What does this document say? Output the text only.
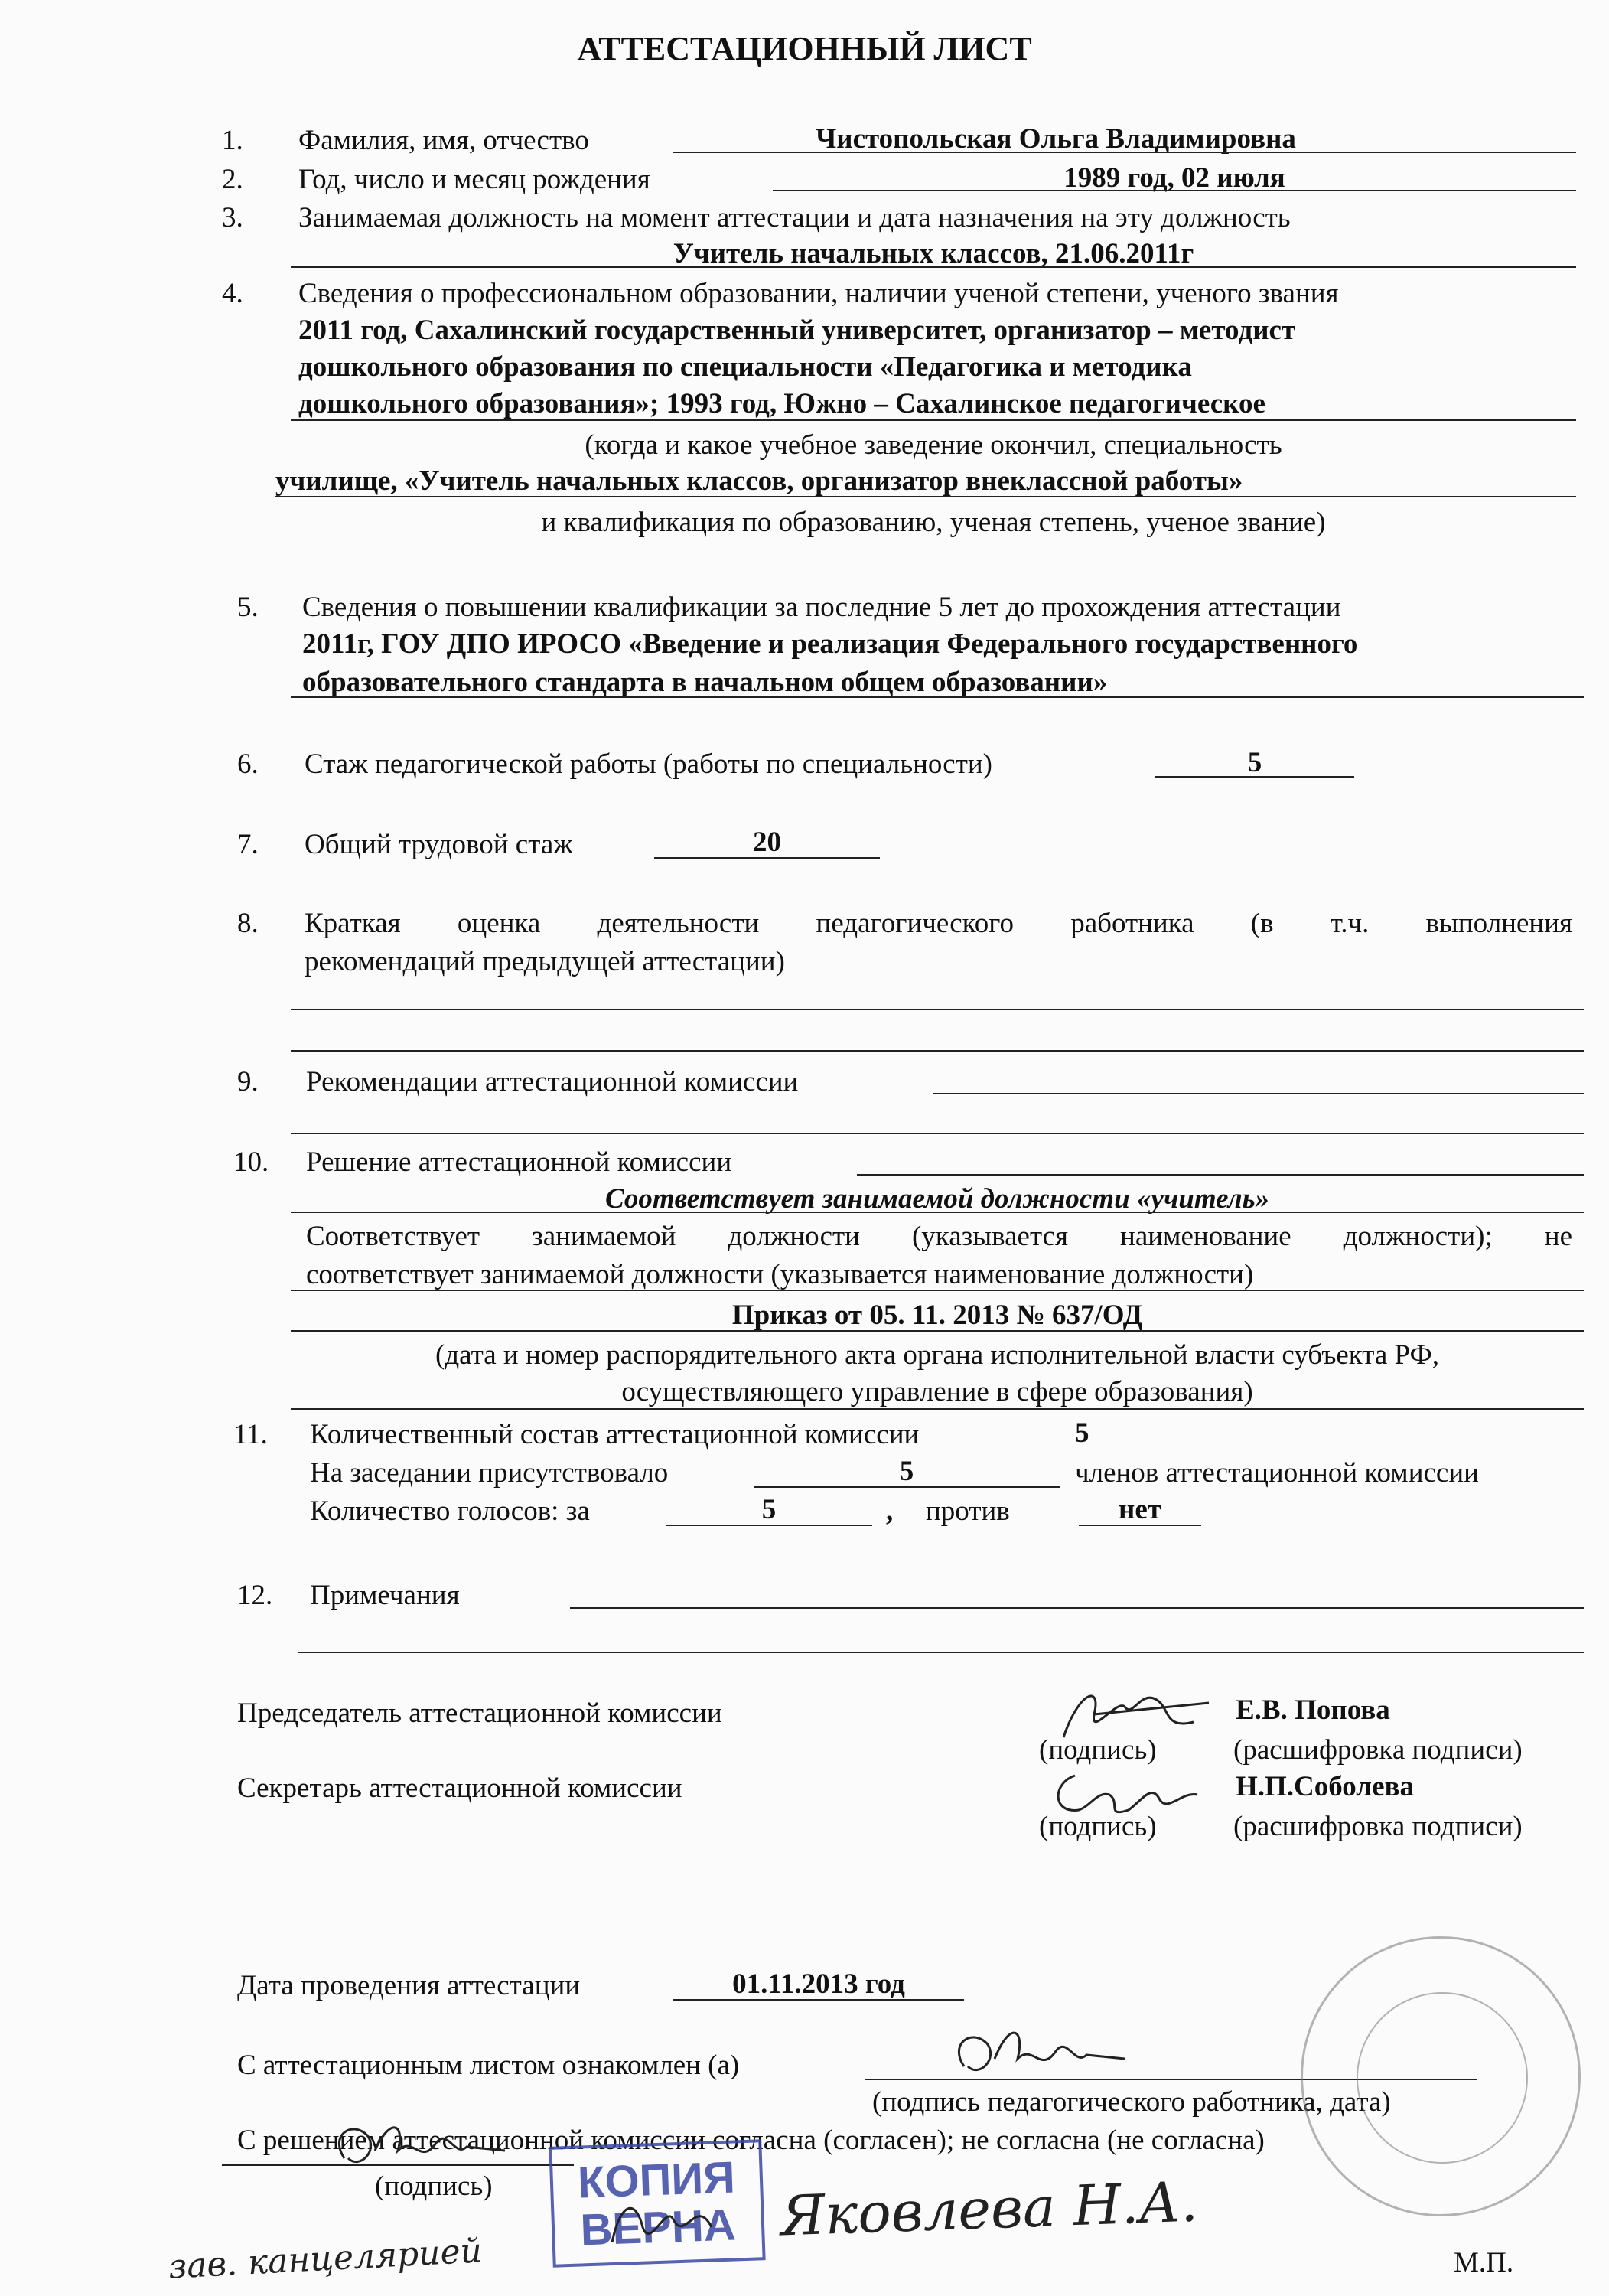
АТТЕСТАЦИОННЫЙ ЛИСТ
1. Фамилия, имя, отчество	Чистопольская Ольга Владимировна
2. Год, число и месяц рождения	1989 год, 02 июля
3. Занимаемая должность на момент аттестации и дата назначения на эту должность
Учитель начальных классов, 21.06.2011г
4. Сведения о профессиональном образовании, наличии ученой степени, ученого звания
2011 год, Сахалинский государственный университет, организатор – методист
дошкольного образования по специальности «Педагогика и методика
дошкольного образования»; 1993 год, Южно – Сахалинское педагогическое
(когда и какое учебное заведение окончил, специальность
училище, «Учитель начальных классов, организатор внеклассной работы»
и квалификация по образованию, ученая степень, ученое звание)
5. Сведения о повышении квалификации за последние 5 лет до прохождения аттестации
2011г, ГОУ ДПО ИРОСО «Введение и реализация Федерального государственного
образовательного стандарта в начальном общем образовании»
6. Стаж педагогической работы (работы по специальности)	5
7. Общий трудовой стаж	20
8. Краткая оценка деятельности педагогического работника (в т.ч. выполнения
рекомендаций предыдущей аттестации)
9. Рекомендации аттестационной комиссии
10. Решение аттестационной комиссии
Соответствует занимаемой должности «учитель»
Соответствует занимаемой должности (указывается наименование должности); не
соответствует занимаемой должности (указывается наименование должности)
Приказ от 05. 11. 2013 № 637/ОД
(дата и номер распорядительного акта органа исполнительной власти субъекта РФ,
осуществляющего управление в сфере образования)
11. Количественный состав аттестационной комиссии	5
На заседании присутствовало	5	членов аттестационной комиссии
Количество голосов: за	5	, против	нет
12. Примечания
Председатель аттестационной комиссии	Е.В. Попова
(подпись)	(расшифровка подписи)
Секретарь аттестационной комиссии	Н.П.Соболева
(подпись)	(расшифровка подписи)
Дата проведения аттестации	01.11.2013 год
С аттестационным листом ознакомлен (а)
(подпись педагогического работника, дата)
С решением аттестационной комиссии согласна (согласен); не согласна (не согласна)
(подпись)
М.П.
КОПИЯ ВЕРНА
зав. канцелярией
Яковлева Н.А.
